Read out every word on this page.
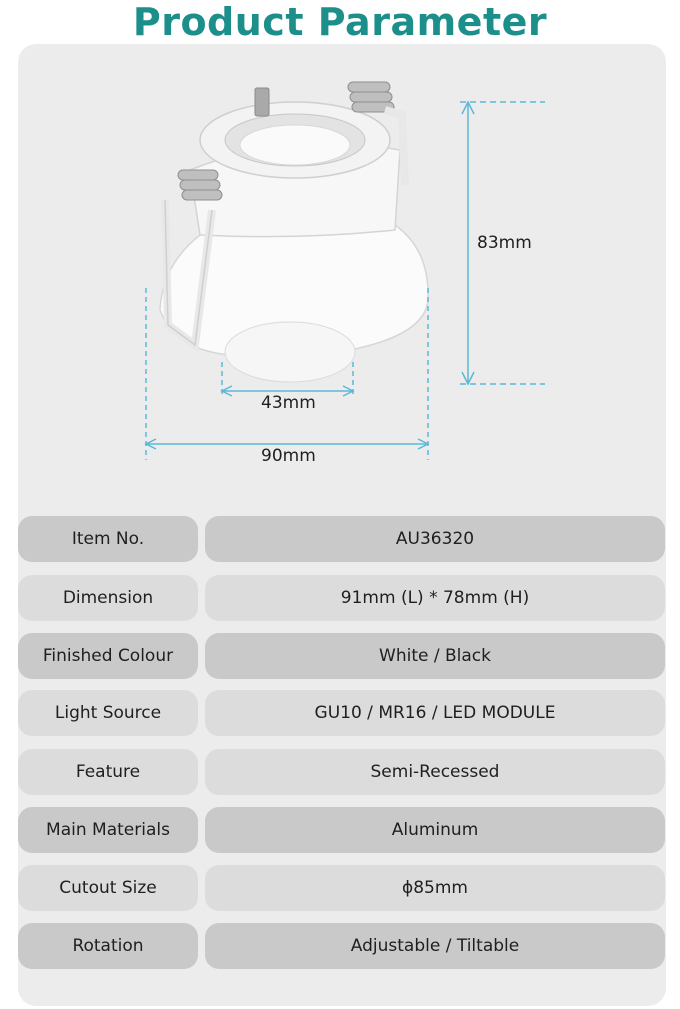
Product Parameter
83mm
43mm
90mm
Item No.	AU36320
Dimension	91mm (L) * 78mm (H)
Finished Colour	White / Black
Light Source	GU10 / MR16 / LED MODULE
Feature	Semi-Recessed
Main Materials	Aluminum
Cutout Size	ϕ85mm
Rotation	Adjustable / Tiltable
